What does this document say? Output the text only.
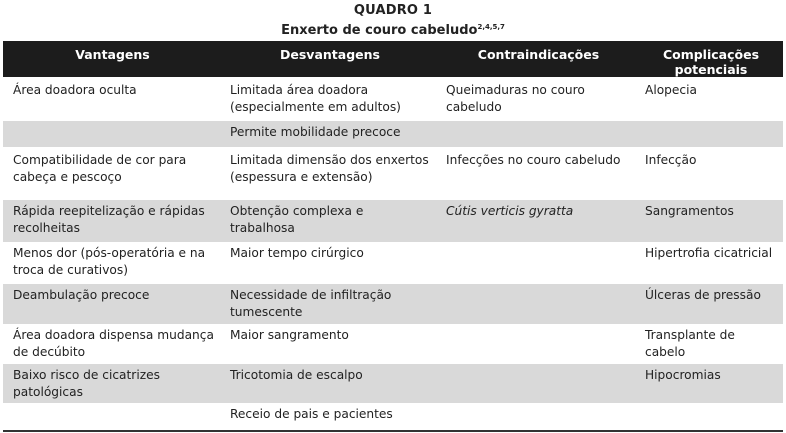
QUADRO 1
Enxerto de couro cabeludo$^{2,4,5,7}$
Vantagens	Desvantagens	Contraindicações	Complicações
potenciais
Área doadora oculta	Limitada área doadora (especialmente em adultos)	Queimaduras no couro cabeludo	Alopecia
	Permite mobilidade precoce		
Compatibilidade de cor para cabeça e pescoço	Limitada dimensão dos enxertos (espessura e extensão)	Infecções no couro cabeludo	Infecção
Rápida reepitelização e rápidas recolheitas	Obtenção complexa e trabalhosa	Cútis verticis gyratta	Sangramentos
Menos dor (pós-operatória e na troca de curativos)	Maior tempo cirúrgico		Hipertrofia cicatricial
Deambulação precoce	Necessidade de infiltração tumescente		Úlceras de pressão
Área doadora dispensa mudança de decúbito	Maior sangramento		Transplante de cabelo
Baixo risco de cicatrizes patológicas	Tricotomia de escalpo		Hipocromias
	Receio de pais e pacientes		
